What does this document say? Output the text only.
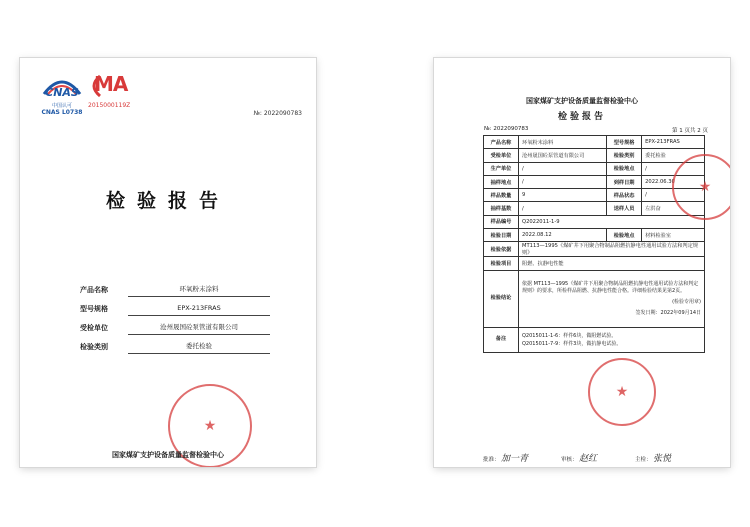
CNAS
中国认可
CNAS L0738
MA
2015000119Z
№: 2022090783
检验报告
产品名称	环氧粉末涂料
型号规格	EPX-213FRAS
受检单位	沧州晟国砼泵管道有限公司
检验类别	委托检验
★
国家煤矿支护设备质量监督检验中心
国家煤矿支护设备质量监督检验中心
检验报告
№: 2022090783	第 1 页共 2 页
产品名称	环氧粉末涂料	型号规格	EPX-213FRAS
受检单位	沧州晟国砼泵管道有限公司	检验类别	委托检验
生产单位	/	检验地点	/
抽样地点	/	到样日期	2022.06.30
样品数量	9	样品状态	/
抽样基数	/	送样人员	左洪奋
样品编号	Q2022011-1-9		
检验日期	2022.08.12	检验地点	材料检验室
检验依据	MT113—1995《煤矿井下用聚合物制品阻燃抗静电性通用试验方法和判定规则》		
检验项目	阻燃、抗静电性能		
检验结论	依据 MT113—1995《煤矿井下用聚合物制品阻燃抗静电性通用试验方法和判定规则》的要求，所检样品阻燃、抗静电性能合格。详细检验结果见第2页。
(检验专用章)
签发日期：2022年09月14日		

备注	Q2015011-1-6：样件6块，做阻燃试验。
Q2015011-7-9：样件3块，做抗静电试验。		
★
★
批准： 加一青	审核： 赵红	主检： 张悦
